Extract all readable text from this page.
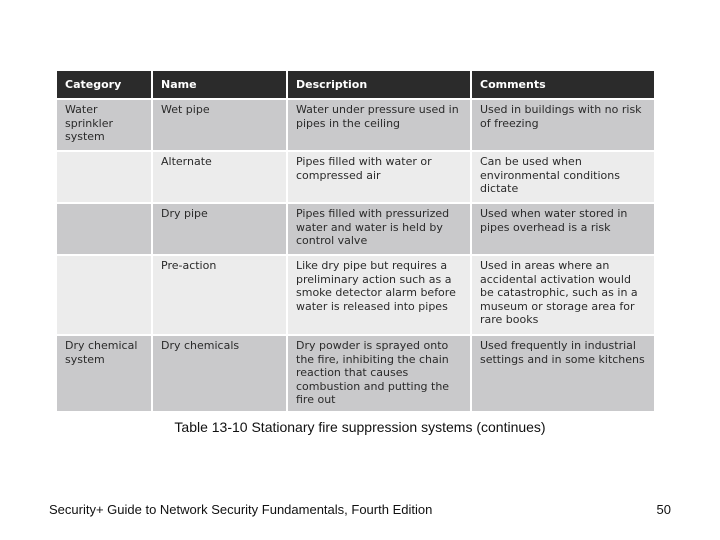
Category	Name	Description	Comments
Water sprinkler system	Wet pipe	Water under pressure used in pipes in the ceiling	Used in buildings with no risk of freezing
	Alternate	Pipes filled with water or compressed air	Can be used when environmental conditions dictate
	Dry pipe	Pipes filled with pressurized water and water is held by control valve	Used when water stored in pipes overhead is a risk
	Pre-action	Like dry pipe but requires a preliminary action such as a smoke detector alarm before water is released into pipes	Used in areas where an accidental activation would be catastrophic, such as in a museum or storage area for rare books
Dry chemical system	Dry chemicals	Dry powder is sprayed onto the fire, inhibiting the chain reaction that causes combustion and putting the fire out	Used frequently in industrial settings and in some kitchens
Table 13-10 Stationary fire suppression systems (continues)
Security+ Guide to Network Security Fundamentals, Fourth Edition	50
